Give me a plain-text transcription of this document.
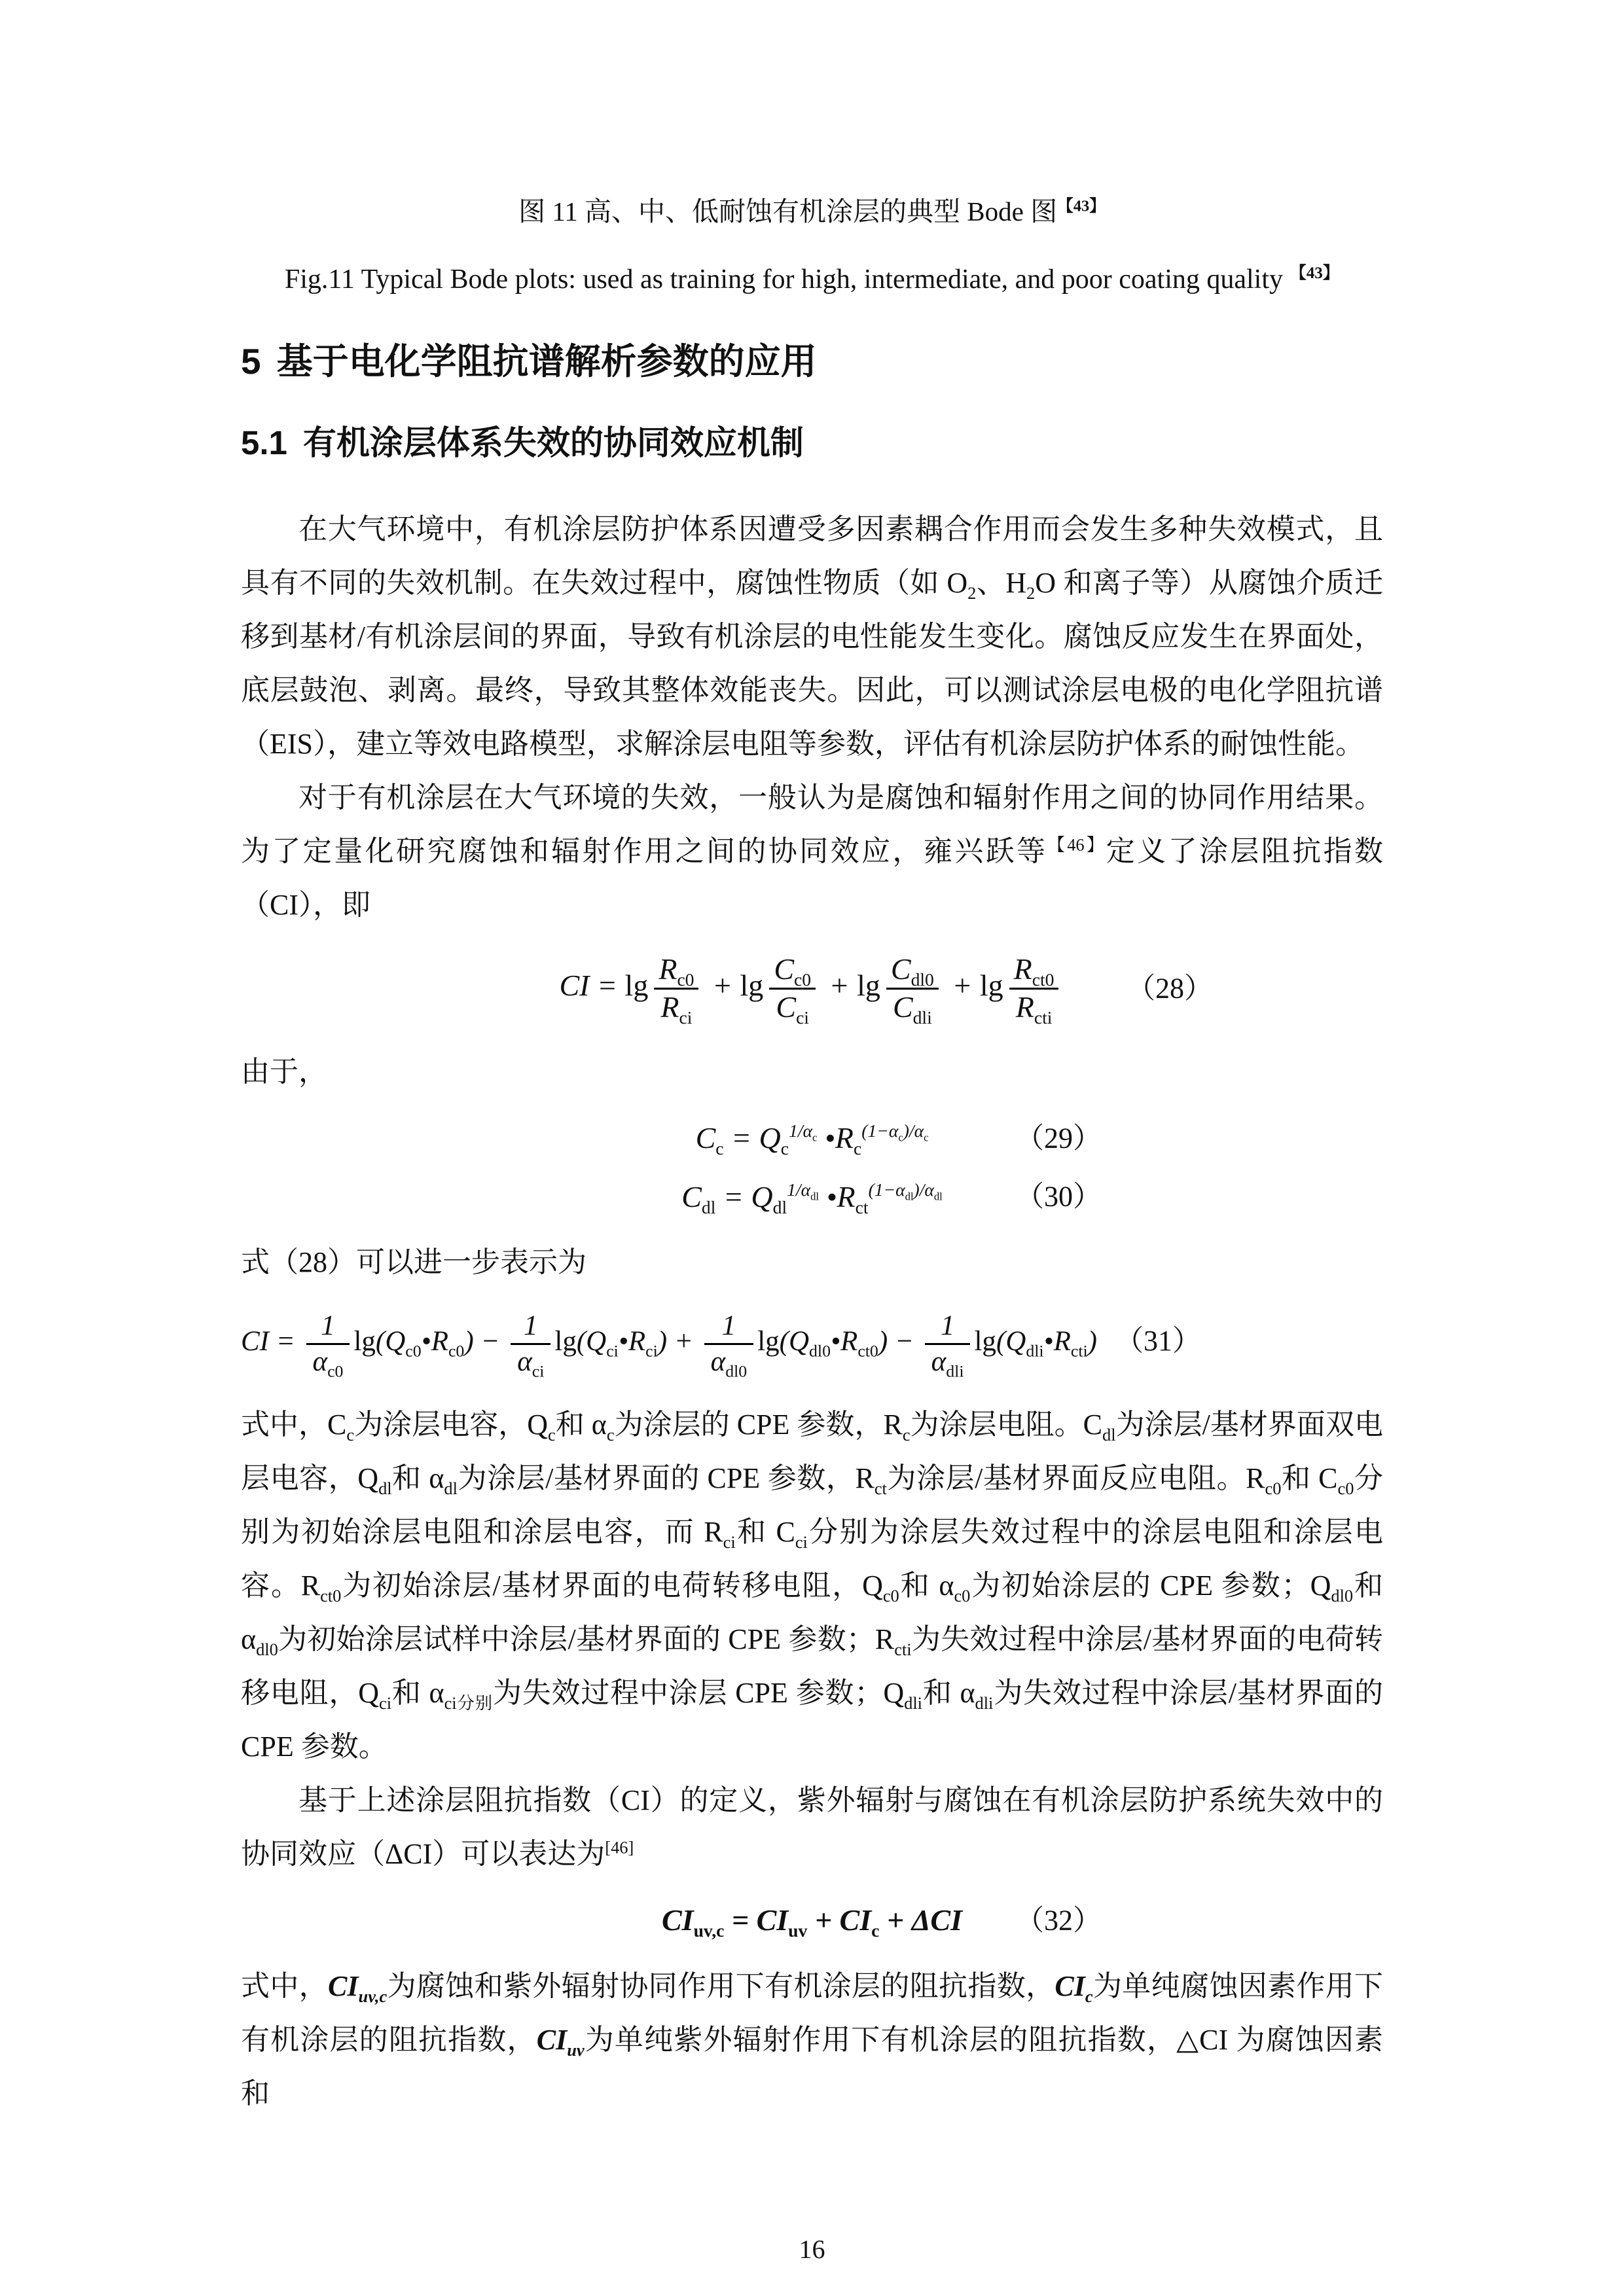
图 11 高、中、低耐蚀有机涂层的典型 Bode 图$^{【43】}$
Fig.11 Typical Bode plots: used as training for high, intermediate, and poor coating quality $^{【43】}$
5 基于电化学阻抗谱解析参数的应用
5.1 有机涂层体系失效的协同效应机制

在大气环境中，有机涂层防护体系因遭受多因素耦合作用而会发生多种失效模式，且具有不同的失效机制。在失效过程中，腐蚀性物质（如 $O_2$、$H_2O$ 和离子等）从腐蚀介质迁移到基材/有机涂层间的界面，导致有机涂层的电性能发生变化。腐蚀反应发生在界面处，底层鼓泡、剥离。最终，导致其整体效能丧失。因此，可以测试涂层电极的电化学阻抗谱（EIS），建立等效电路模型，求解涂层电阻等参数，评估有机涂层防护体系的耐蚀性能。

对于有机涂层在大气环境的失效，一般认为是腐蚀和辐射作用之间的协同作用结果。为了定量化研究腐蚀和辐射作用之间的协同效应，雍兴跃等$^{【46】}$定义了涂层阻抗指数（CI），即

CI = $\lg \frac{R_{c0}}{R_{ci}} + \lg \frac{C_{c0}}{C_{ci}} + \lg \frac{C_{dl0}}{C_{dli}} + \lg \frac{R_{ct0}}{R_{cti}} (28)$

由于，

$C_c = Q_c^{1/\alpha_c}$ $•R_c^{(1-\alpha_c)/\alpha_c}$	（29）
$C_{dl} = Q_{dl}^{1/\alpha_{dl}}$ $•R_{ct}^{(1-\alpha_{dl})/\alpha_{dl}}$	（30）

式（28）可以进一步表示为

CI = $\frac{1}{\alpha_{c0}}$ $\lg(Q_{c0}•R_{c0}) - \frac{1}{\alpha_{ci}}$ $\lg(Q_{ci}•R_{ci}) + \frac{1}{\alpha_{dl0}}$ $\lg(Q_{dl0}•R_{ct0}) - \frac{1}{\alpha_{dli}}$ $\lg(Q_{dli}•R_{cti})$ （31）

式中，$C_c$为涂层电容，$Q_c$和 $\alpha_c$为涂层的 CPE 参数，$R_c$为涂层电阻。$C_{dl}$为涂层/基材界面双电层电容，$Q_{dl}$和 $\alpha_{dl}$为涂层/基材界面的 CPE 参数，$R_{ct}$为涂层/基材界面反应电阻。$R_{c0}$和 $C_{c0}$分别为初始涂层电阻和涂层电容，而 $R_{ci}$和 $C_{ci}$分别为涂层失效过程中的涂层电阻和涂层电容。$R_{ct0}$为初始涂层/基材界面的电荷转移电阻，$Q_{c0}$和 $\alpha_{c0}$为初始涂层的 CPE 参数；$Q_{dl0}$和 $\alpha_{dl0}$为初始涂层试样中涂层/基材界面的 CPE 参数；$R_{cti}$为失效过程中涂层/基材界面的电荷转移电阻，$Q_{ci}$和 $\alpha_{ci分别}$为失效过程中涂层 CPE 参数；$Q_{dli}$和 $\alpha_{dli}$为失效过程中涂层/基材界面的 CPE 参数。

基于上述涂层阻抗指数（CI）的定义，紫外辐射与腐蚀在有机涂层防护系统失效中的协同效应（ΔCI）可以表达为[46]

$CI_{uv,c} = CI_{uv} + CI_c + \Delta CI$ （32）

式中，$CI_{uv,c}$为腐蚀和紫外辐射协同作用下有机涂层的阻抗指数，$CI_c$为单纯腐蚀因素作用下有机涂层的阻抗指数，$CI_{uv}$为单纯紫外辐射作用下有机涂层的阻抗指数，△CI 为腐蚀因素和

16
